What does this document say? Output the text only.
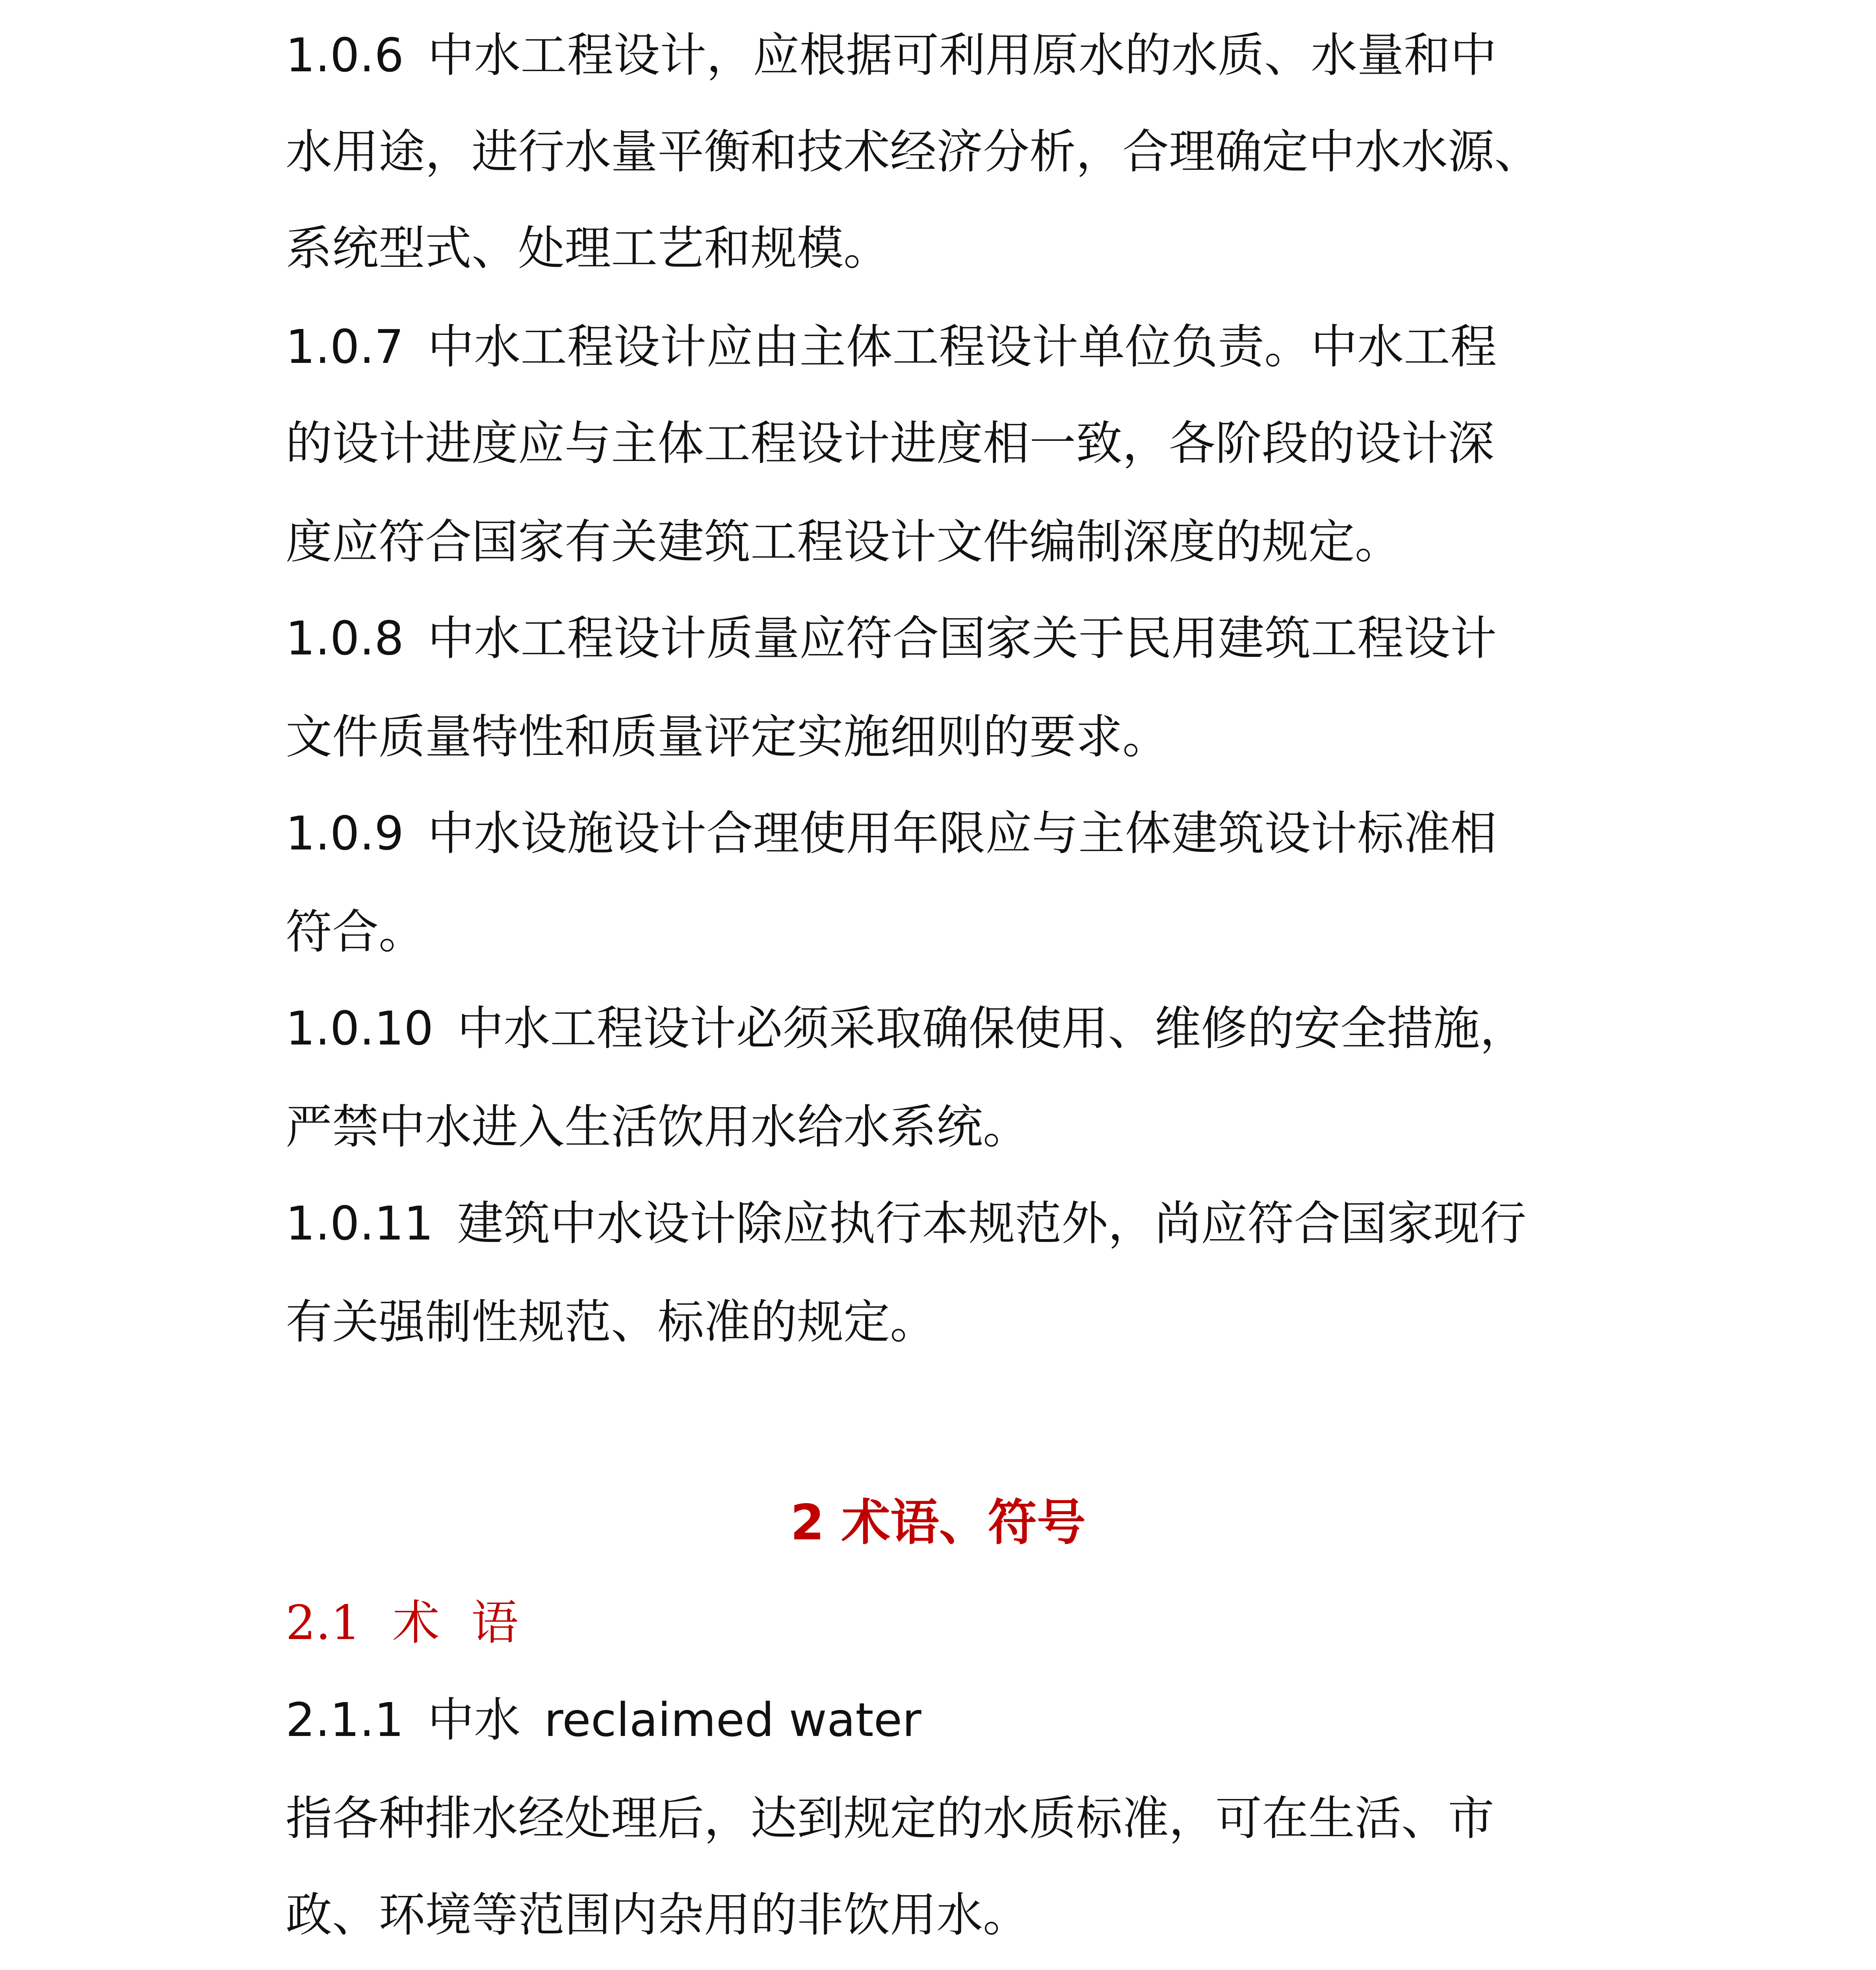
1.0.6 中水工程设计，应根据可利用原水的水质、水量和中
水用途，进行水量平衡和技术经济分析，合理确定中水水源、
系统型式、处理工艺和规模。
1.0.7 中水工程设计应由主体工程设计单位负责。中水工程
的设计进度应与主体工程设计进度相一致，各阶段的设计深
度应符合国家有关建筑工程设计文件编制深度的规定。
1.0.8 中水工程设计质量应符合国家关于民用建筑工程设计
文件质量特性和质量评定实施细则的要求。
1.0.9 中水设施设计合理使用年限应与主体建筑设计标准相
符合。
1.0.10 中水工程设计必须采取确保使用、维修的安全措施，
严禁中水进入生活饮用水给水系统。
1.0.11 建筑中水设计除应执行本规范外，尚应符合国家现行
有关强制性规范、标准的规定。
2 术语、符号
2.1 术 语
2.1.1 中水 reclaimed water
指各种排水经处理后，达到规定的水质标准，可在生活、市
政、环境等范围内杂用的非饮用水。
